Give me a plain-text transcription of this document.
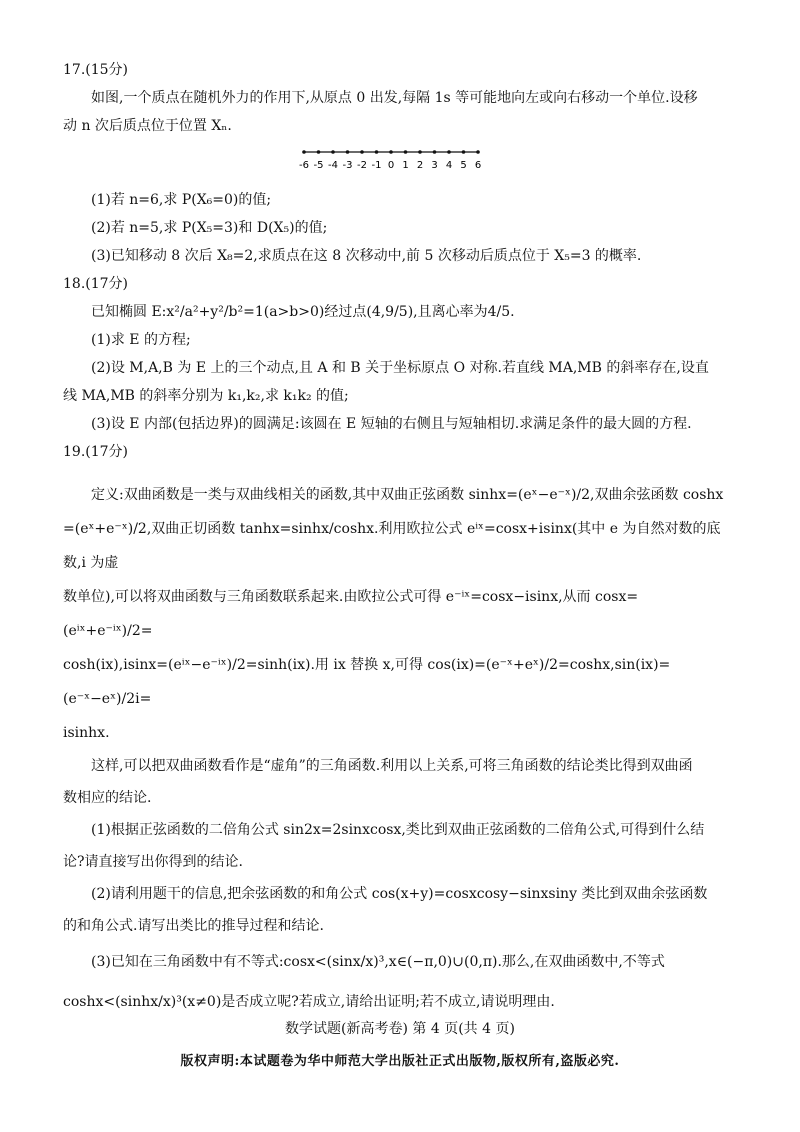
17.(15分)

如图,一个质点在随机外力的作用下,从原点 0 出发,每隔 1s 等可能地向左或向右移动一个单位.设移

动 n 次后质点位于位置 Xₙ.

-6 -5 -4 -3 -2 -1 0 1 2 3 4 5 6

(1)若 n=6,求 P(X₆=0)的值;

(2)若 n=5,求 P(X₅=3)和 D(X₅)的值;

(3)已知移动 8 次后 X₈=2,求质点在这 8 次移动中,前 5 次移动后质点位于 X₅=3 的概率.

18.(17分)

已知椭圆 E:x²/a²+y²/b²=1(a>b>0)经过点(4,9/5),且离心率为4/5.

(1)求 E 的方程;

(2)设 M,A,B 为 E 上的三个动点,且 A 和 B 关于坐标原点 O 对称.若直线 MA,MB 的斜率存在,设直

线 MA,MB 的斜率分别为 k₁,k₂,求 k₁k₂ 的值;

(3)设 E 内部(包括边界)的圆满足:该圆在 E 短轴的右侧且与短轴相切.求满足条件的最大圆的方程.

19.(17分)

定义:双曲函数是一类与双曲线相关的函数,其中双曲正弦函数 sinhx=(eˣ−e⁻ˣ)/2,双曲余弦函数 coshx

=(eˣ+e⁻ˣ)/2,双曲正切函数 tanhx=sinhx/coshx.利用欧拉公式 eⁱˣ=cosx+isinx(其中 e 为自然对数的底数,i 为虚

数单位),可以将双曲函数与三角函数联系起来.由欧拉公式可得 e⁻ⁱˣ=cosx−isinx,从而 cosx=(eⁱˣ+e⁻ⁱˣ)/2=

cosh(ix),isinx=(eⁱˣ−e⁻ⁱˣ)/2=sinh(ix).用 ix 替换 x,可得 cos(ix)=(e⁻ˣ+eˣ)/2=coshx,sin(ix)=(e⁻ˣ−eˣ)/2i=

isinhx.

这样,可以把双曲函数看作是“虚角”的三角函数.利用以上关系,可将三角函数的结论类比得到双曲函

数相应的结论.

(1)根据正弦函数的二倍角公式 sin2x=2sinxcosx,类比到双曲正弦函数的二倍角公式,可得到什么结

论?请直接写出你得到的结论.

(2)请利用题干的信息,把余弦函数的和角公式 cos(x+y)=cosxcosy−sinxsiny 类比到双曲余弦函数

的和角公式.请写出类比的推导过程和结论.

(3)已知在三角函数中有不等式:cosx<(sinx/x)³,x∈(−π,0)∪(0,π).那么,在双曲函数中,不等式

coshx<(sinhx/x)³(x≠0)是否成立呢?若成立,请给出证明;若不成立,请说明理由.

数学试题(新高考卷) 第 4 页(共 4 页)
版权声明:本试题卷为华中师范大学出版社正式出版物,版权所有,盗版必究.
